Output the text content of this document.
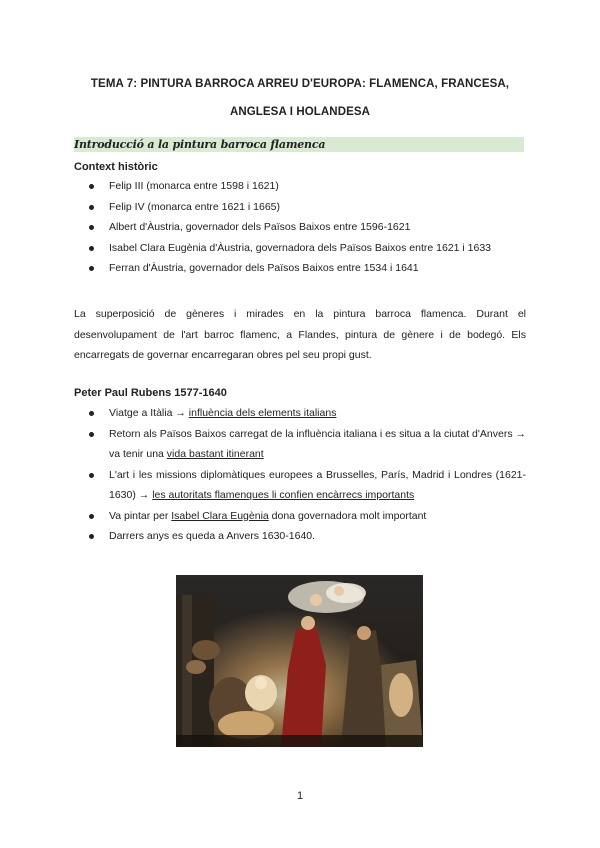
TEMA 7: PINTURA BARROCA ARREU D'EUROPA: FLAMENCA, FRANCESA,
ANGLESA I HOLANDESA
Introducció a la pintura barroca flamenca
Context històric
Felip III (monarca entre 1598 i 1621)
Felip IV (monarca entre 1621 i 1665)
Albert d'Àustria, governador dels Països Baixos entre 1596-1621
Isabel Clara Eugènia d'Àustria, governadora dels Països Baixos entre 1621 i 1633
Ferran d'Àustria, governador dels Països Baixos entre 1534 i 1641

La superposició de gèneres i mirades en la pintura barroca flamenca. Durant el desenvolupament de l'art barroc flamenc, a Flandes, pintura de gènere i de bodegó. Els encarregats de governar encarregaran obres pel seu propi gust.

Peter Paul Rubens 1577-1640
Viatge a Itàlia → influència dels elements italians
Retorn als Països Baixos carregat de la influència italiana i es situa a la ciutat d'Anvers → va tenir una vida bastant itinerant
L'art i les missions diplomàtiques europees a Brusselles, París, Madrid i Londres (1621-1630) → les autoritats flamenques li confien encàrrecs importants
Va pintar per Isabel Clara Eugènia dona governadora molt important
Darrers anys es queda a Anvers 1630-1640.
1
